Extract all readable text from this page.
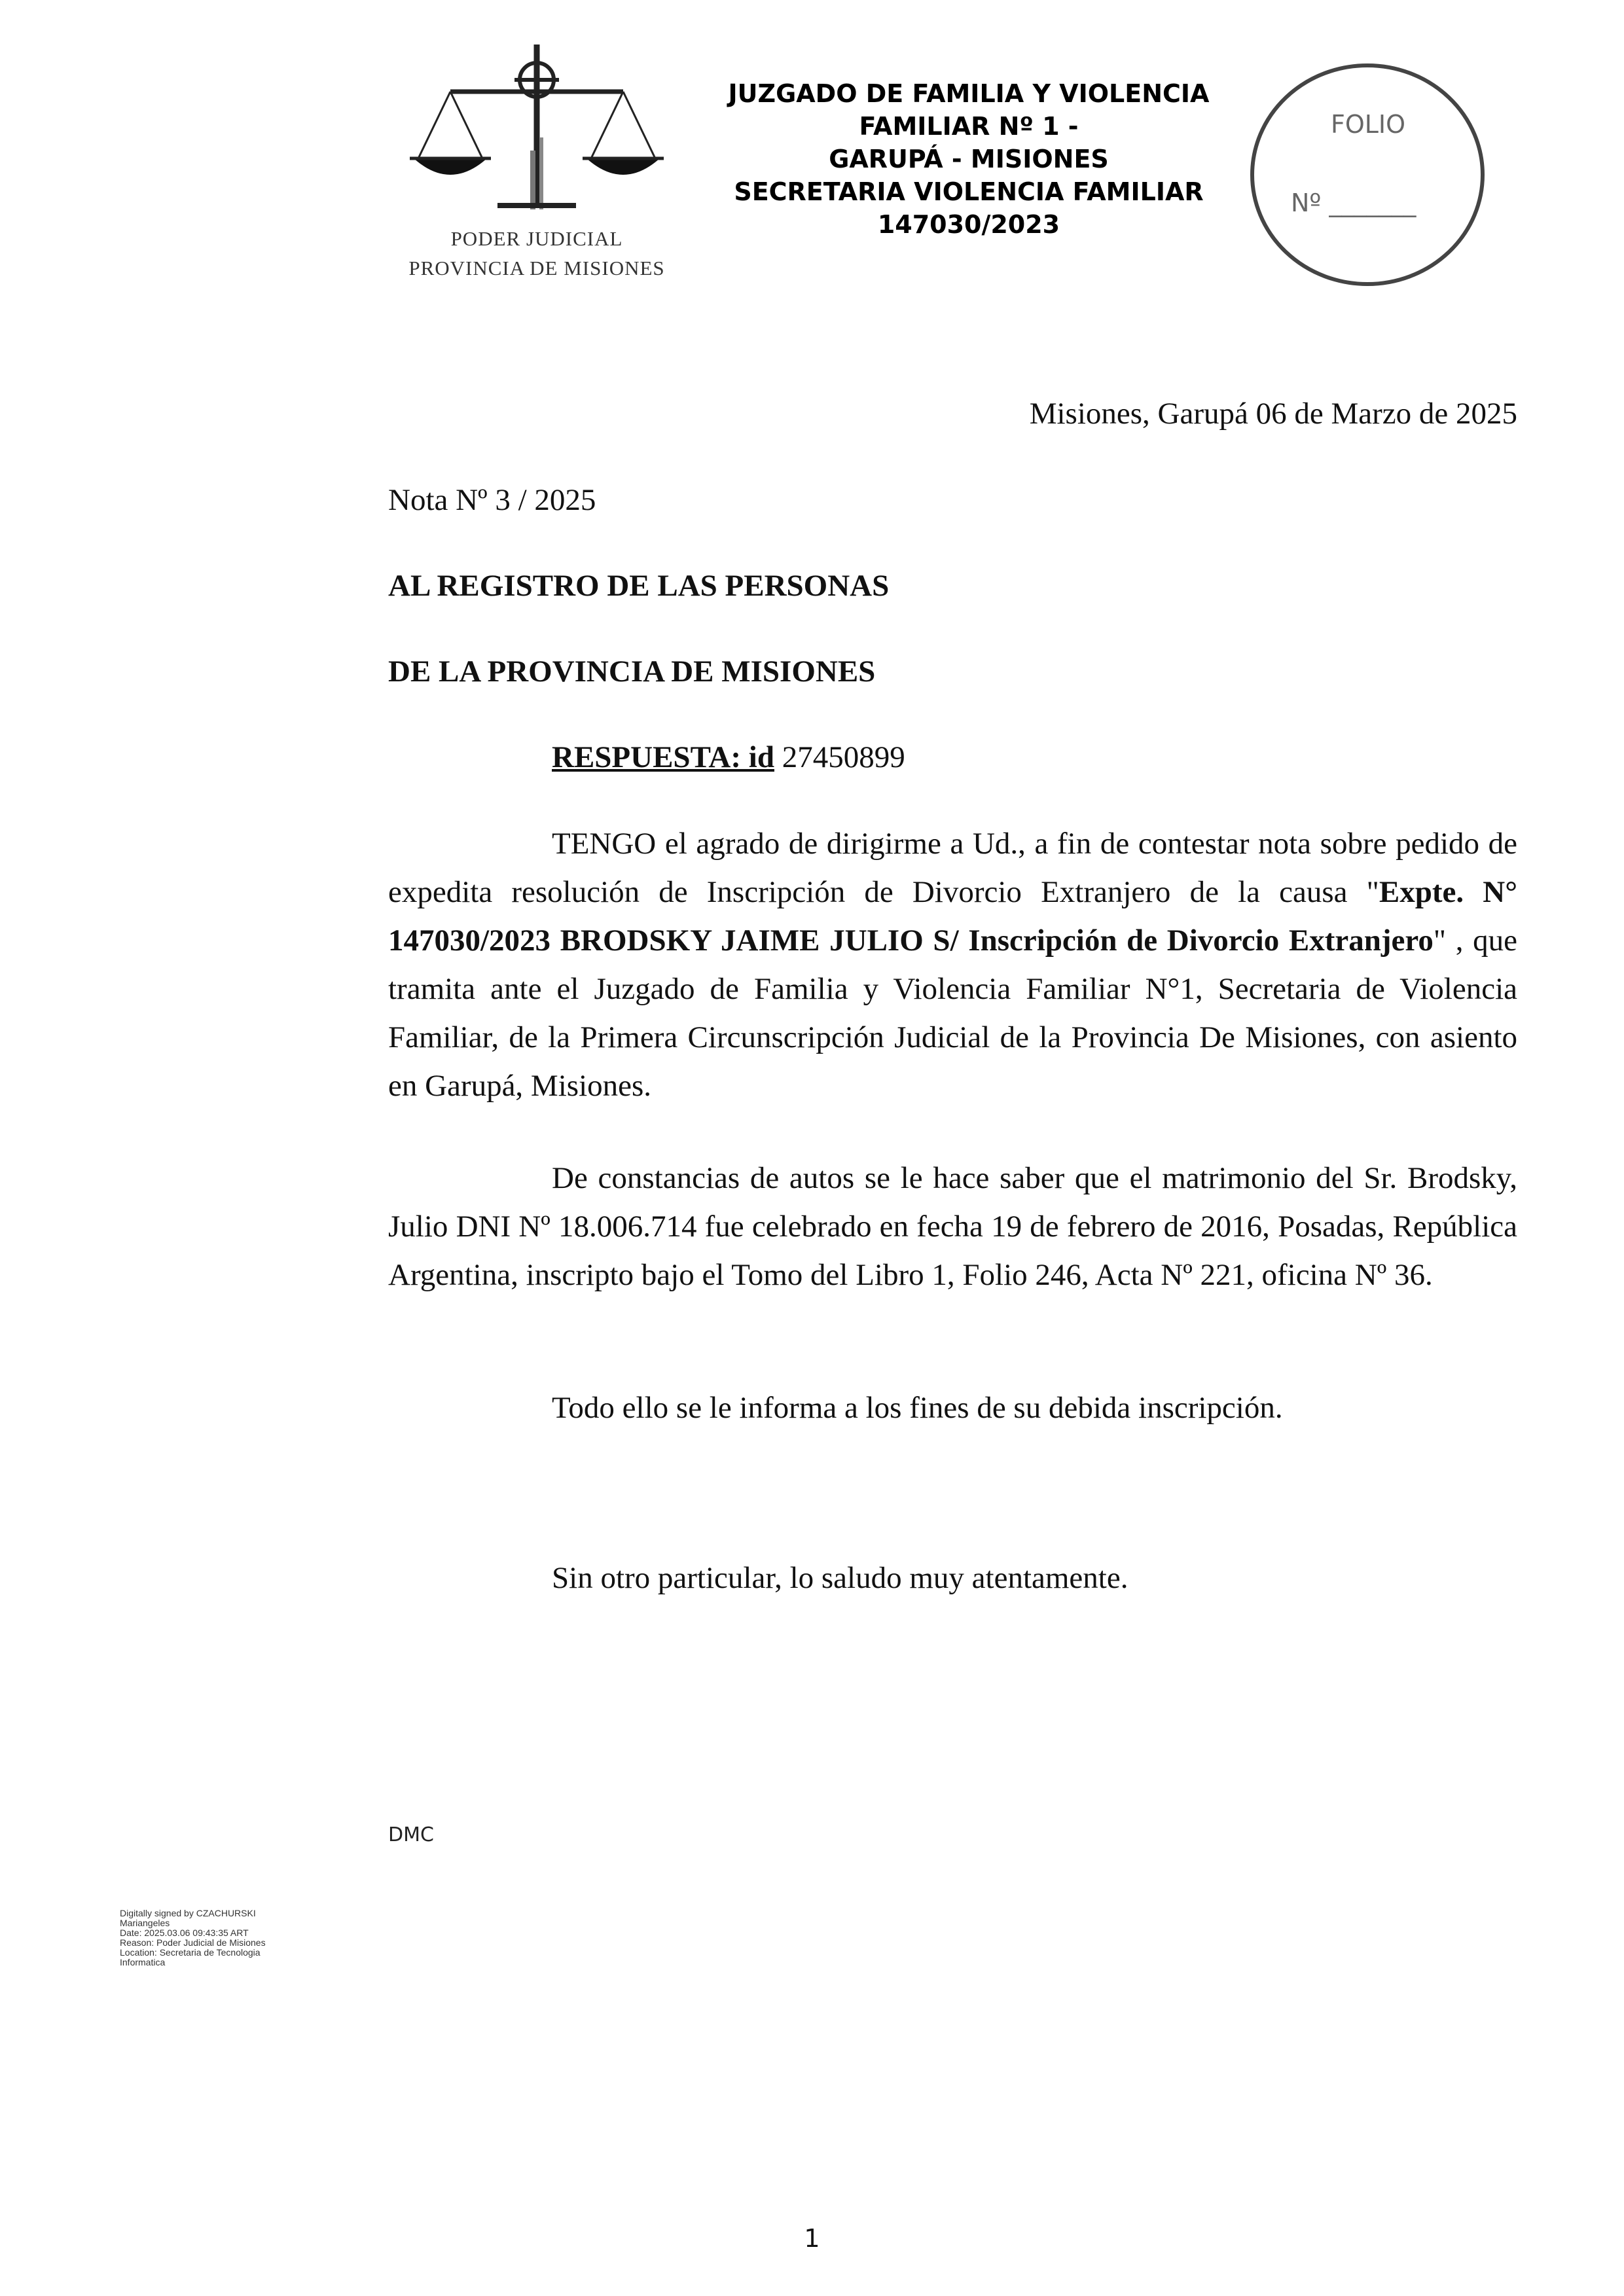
PODER JUDICIAL
PROVINCIA DE MISIONES
JUZGADO DE FAMILIA Y VIOLENCIA
FAMILIAR Nº 1 -
GARUPÁ - MISIONES
SECRETARIA VIOLENCIA FAMILIAR
147030/2023
FOLIO
Nº _______
Misiones, Garupá 06 de Marzo de 2025
Nota Nº 3 / 2025
AL REGISTRO DE LAS PERSONAS
DE LA PROVINCIA DE MISIONES
RESPUESTA: id 27450899
TENGO el agrado de dirigirme a Ud., a fin de contestar nota sobre pedido de expedita resolución de Inscripción de Divorcio Extranjero de la causa "Expte. N° 147030/2023 BRODSKY JAIME JULIO S/ Inscripción de Divorcio Extranjero" , que tramita ante el Juzgado de Familia y Violencia Familiar N°1, Secretaria de Violencia Familiar, de la Primera Circunscripción Judicial de la Provincia De Misiones, con asiento en Garupá, Misiones.
De constancias de autos se le hace saber que el matrimonio del Sr. Brodsky, Julio DNI Nº 18.006.714 fue celebrado en fecha 19 de febrero de 2016, Posadas, República Argentina, inscripto bajo el Tomo del Libro 1, Folio 246, Acta Nº 221, oficina Nº 36.
Todo ello se le informa a los fines de su debida inscripción.
Sin otro particular, lo saludo muy atentamente.
DMC
Digitally signed by CZACHURSKI
Mariangeles
Date: 2025.03.06 09:43:35 ART
Reason: Poder Judicial de Misiones
Location: Secretaria de Tecnologia
Informatica
1
